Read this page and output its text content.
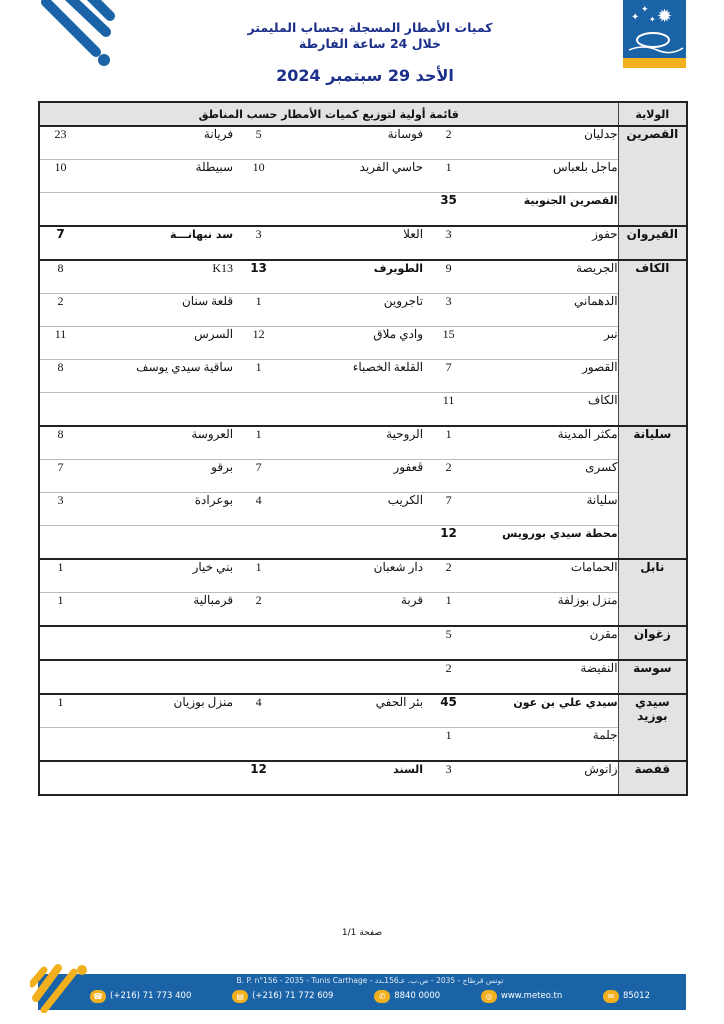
✦
✦
✦ ✹
كميات الأمطار المسجلة بحساب المليمتر
خلال 24 ساعة الفارطة
الأحد 29 سبتمبر 2024
الولاية	قائمة أولية لتوزيع كميات الأمطار حسب المناطق					
القصرين	جدليان	2	فوسانة	5	فريانة	23
	ماجل بلعباس	1	حاسي الفريد	10	سبيطلة	10
	القصرين الجنوبية	35				
القيروان	حفوز	3	العلا	3	سد نبهانـــة	7
الكاف	الجريصة	9	الطويرف	13	K13	8
	الدهماني	3	تاجروين	1	قلعة سنان	2
	نبر	15	وادي ملاق	12	السرس	11
	القصور	7	القلعة الخصباء	1	ساقية سيدي يوسف	8
	الكاف	11				
سليانة	مكثر المدينة	1	الروحية	1	العروسة	8
	كسرى	2	ڨعفور	7	برقو	7
	سليانة	7	الكريب	4	بوعرادة	3
	محطة سيدي بورويس	12				
نابل	الحمامات	2	دار شعبان	1	بني خيار	1
	منزل بوزلفة	1	قربة	2	قرمبالية	1
زغوان	مقرن	5				
سوسة	النفيضة	2				
سيدي بوزيد	سيدي علي بن عون	45	بئر الحفي	4	منزل بوزيان	1
	جلمة	1				
قفصة	زانوش	3	السند	12		
صفحة 1/1
B. P. n°156 - 2035 - Tunis Carthage - تونس قرطاج - 2035 - ص.ب. عـ156ـدد
☎ (+216) 71 773 400	▤ (+216) 71 772 609	✆	8840 0000	◎	www.meteo.tn	✉	85012
